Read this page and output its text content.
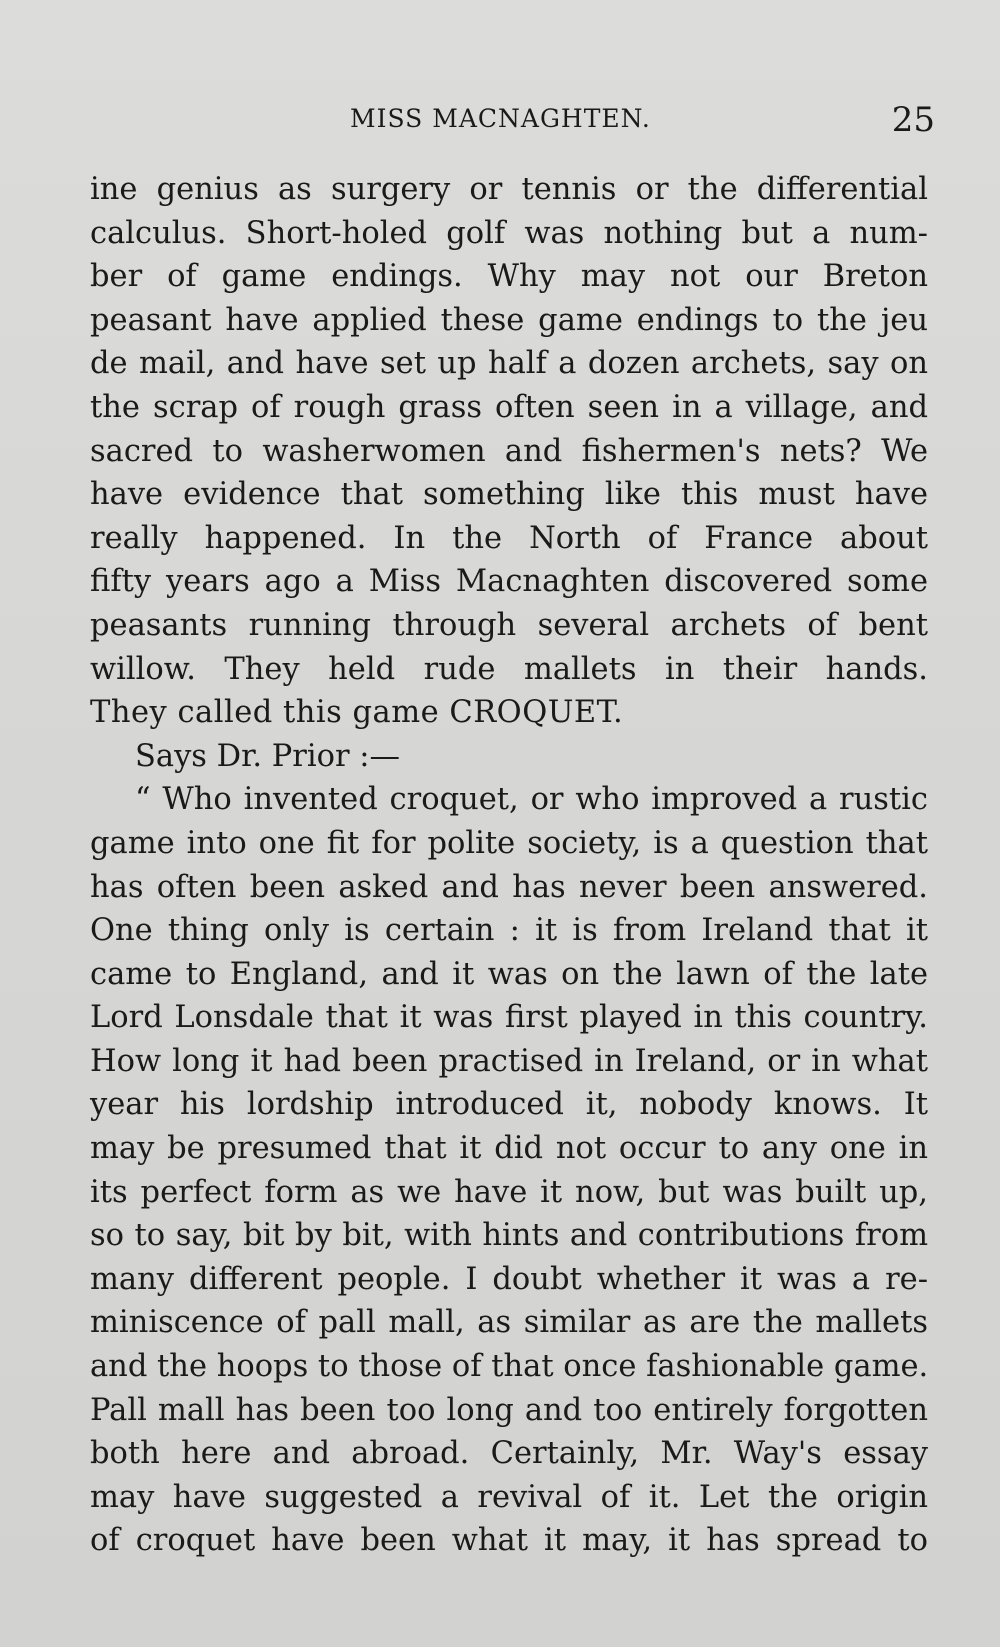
MISS MACNAGHTEN.	25
ine genius as surgery or tennis or the differential
calculus. Short-holed golf was nothing but a num-
ber of game endings. Why may not our Breton
peasant have applied these game endings to the jeu
de mail, and have set up half a dozen archets, say on
the scrap of rough grass often seen in a village, and
sacred to washerwomen and fishermen's nets? We
have evidence that something like this must have
really happened. In the North of France about
fifty years ago a Miss Macnaghten discovered some
peasants running through several archets of bent
willow. They held rude mallets in their hands.
They called this game CROQUET.
Says Dr. Prior :—
“ Who invented croquet, or who improved a rustic
game into one fit for polite society, is a question that
has often been asked and has never been answered.
One thing only is certain : it is from Ireland that it
came to England, and it was on the lawn of the late
Lord Lonsdale that it was first played in this country.
How long it had been practised in Ireland, or in what
year his lordship introduced it, nobody knows. It
may be presumed that it did not occur to any one in
its perfect form as we have it now, but was built up,
so to say, bit by bit, with hints and contributions from
many different people. I doubt whether it was a re-
miniscence of pall mall, as similar as are the mallets
and the hoops to those of that once fashionable game.
Pall mall has been too long and too entirely forgotten
both here and abroad. Certainly, Mr. Way's essay
may have suggested a revival of it. Let the origin
of croquet have been what it may, it has spread to
